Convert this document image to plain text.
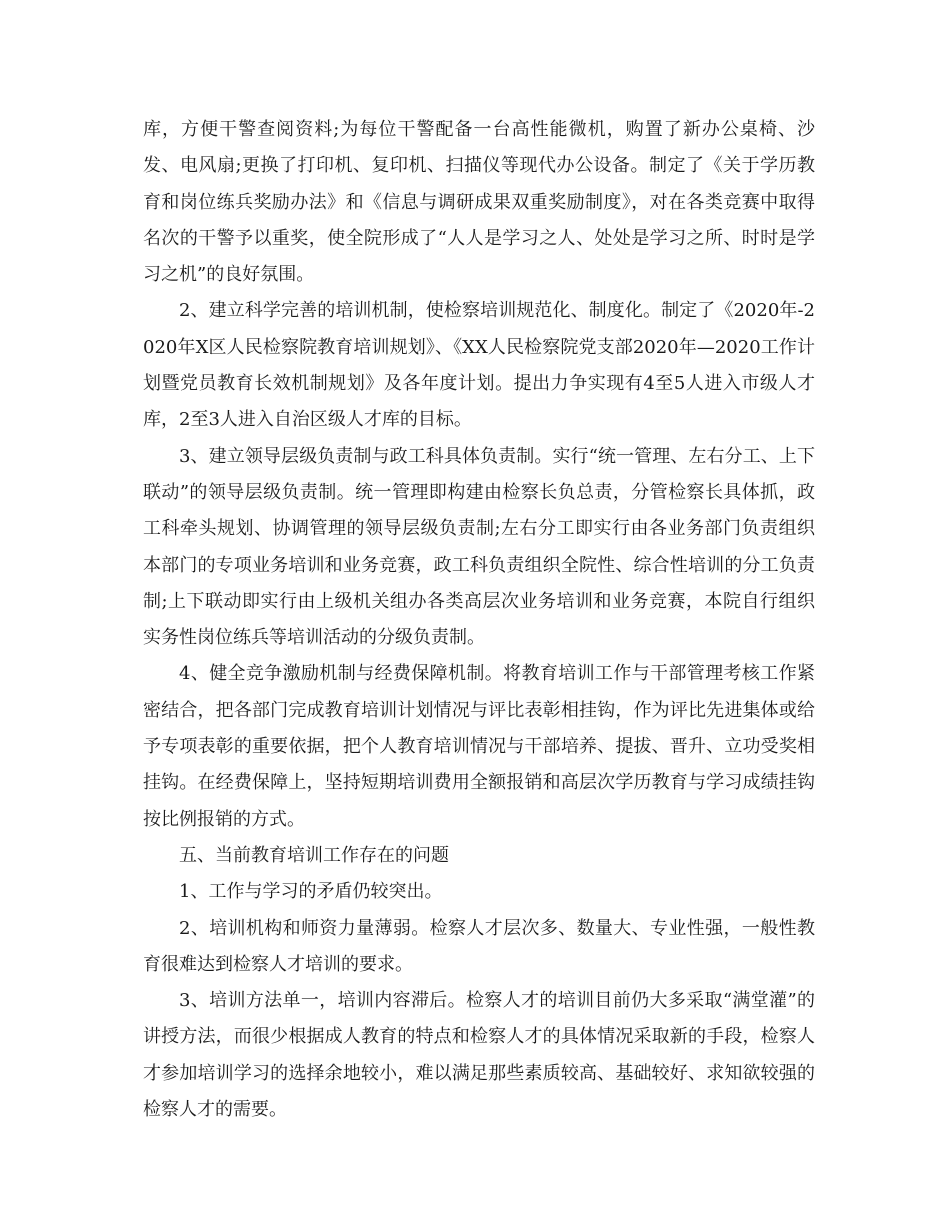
库，方便干警查阅资料;为每位干警配备一台高性能微机，购置了新办公桌椅、沙发、电风扇;更换了打印机、复印机、扫描仪等现代办公设备。制定了《关于学历教育和岗位练兵奖励办法》和《信息与调研成果双重奖励制度》，对在各类竞赛中取得名次的干警予以重奖，使全院形成了“人人是学习之人、处处是学习之所、时时是学习之机”的良好氛围。

2、建立科学完善的培训机制，使检察培训规范化、制度化。制定了《2020年-2020年X区人民检察院教育培训规划》、《XX人民检察院党支部2020年—2020工作计划暨党员教育长效机制规划》及各年度计划。提出力争实现有4至5人进入市级人才库，2至3人进入自治区级人才库的目标。

3、建立领导层级负责制与政工科具体负责制。实行“统一管理、左右分工、上下联动”的领导层级负责制。统一管理即构建由检察长负总责，分管检察长具体抓，政工科牵头规划、协调管理的领导层级负责制;左右分工即实行由各业务部门负责组织本部门的专项业务培训和业务竞赛，政工科负责组织全院性、综合性培训的分工负责制;上下联动即实行由上级机关组办各类高层次业务培训和业务竞赛，本院自行组织实务性岗位练兵等培训活动的分级负责制。

4、健全竞争激励机制与经费保障机制。将教育培训工作与干部管理考核工作紧密结合，把各部门完成教育培训计划情况与评比表彰相挂钩，作为评比先进集体或给予专项表彰的重要依据，把个人教育培训情况与干部培养、提拔、晋升、立功受奖相挂钩。在经费保障上，坚持短期培训费用全额报销和高层次学历教育与学习成绩挂钩按比例报销的方式。

五、当前教育培训工作存在的问题

1、工作与学习的矛盾仍较突出。

2、培训机构和师资力量薄弱。检察人才层次多、数量大、专业性强，一般性教育很难达到检察人才培训的要求。

3、培训方法单一，培训内容滞后。检察人才的培训目前仍大多采取“满堂灌”的讲授方法，而很少根据成人教育的特点和检察人才的具体情况采取新的手段，检察人才参加培训学习的选择余地较小，难以满足那些素质较高、基础较好、求知欲较强的检察人才的需要。
